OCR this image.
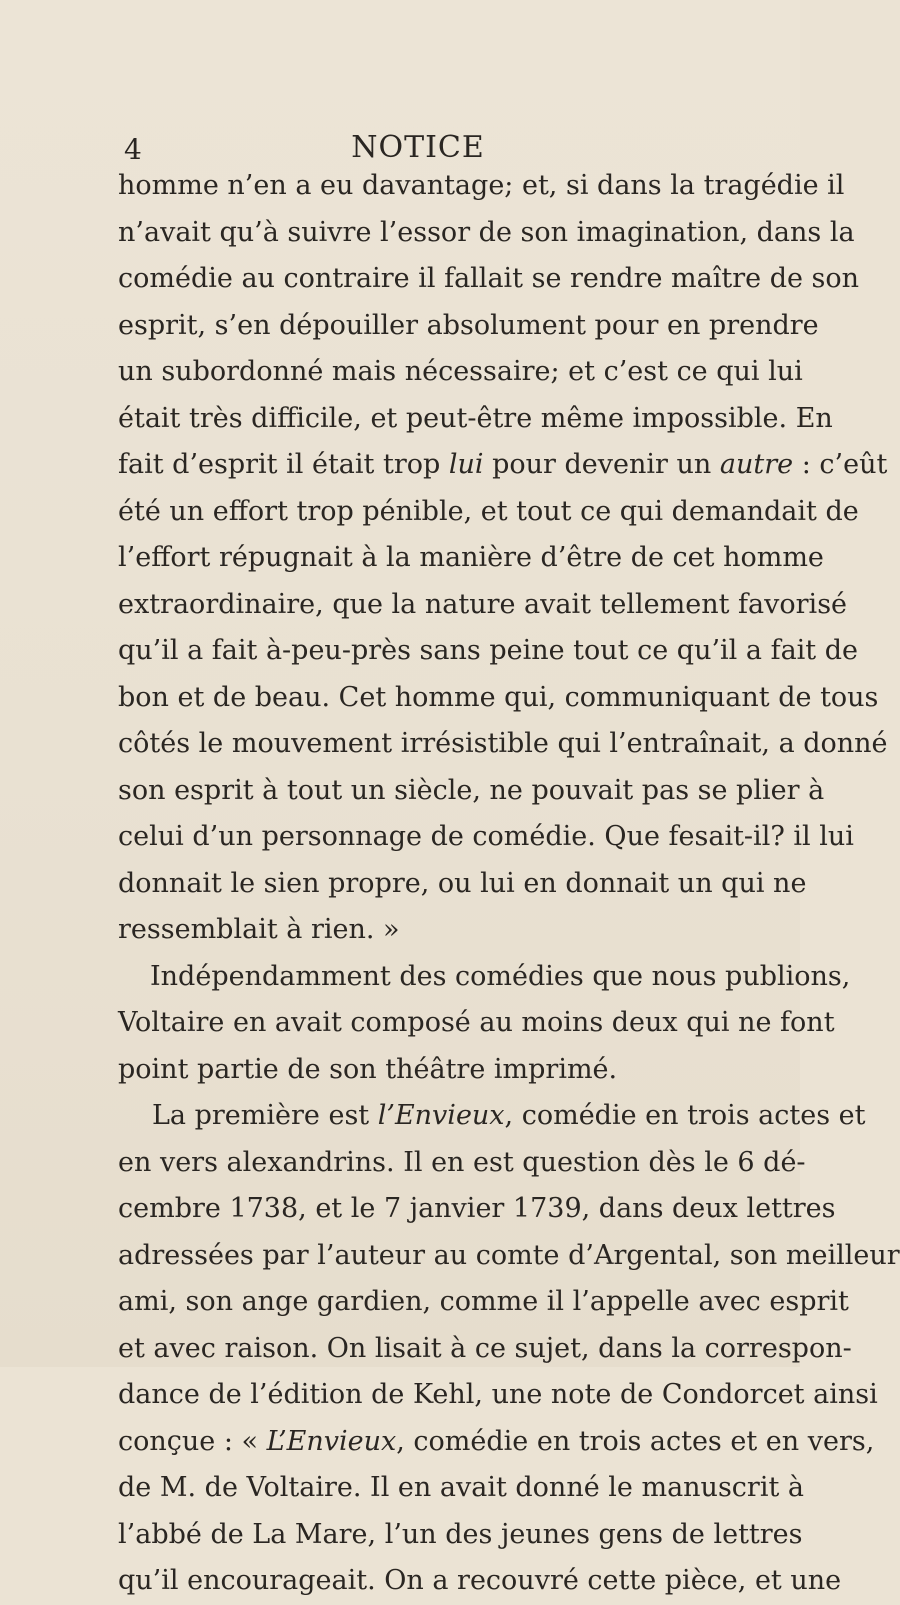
4	NOTICE
homme n’en a eu davantage; et, si dans la tragédie il
n’avait qu’à suivre l’essor de son imagination, dans la
comédie au contraire il fallait se rendre maître de son
esprit, s’en dépouiller absolument pour en prendre
un subordonné mais nécessaire; et c’est ce qui lui
était très difficile, et peut-être même impossible. En
fait d’esprit il était trop lui pour devenir un autre : c’eût
été un effort trop pénible, et tout ce qui demandait de
l’effort répugnait à la manière d’être de cet homme
extraordinaire, que la nature avait tellement favorisé
qu’il a fait à-peu-près sans peine tout ce qu’il a fait de
bon et de beau. Cet homme qui, communiquant de tous
côtés le mouvement irrésistible qui l’entraînait, a donné
son esprit à tout un siècle, ne pouvait pas se plier à
celui d’un personnage de comédie. Que fesait-il? il lui
donnait le sien propre, ou lui en donnait un qui ne
ressemblait à rien. »
Indépendamment des comédies que nous publions,
Voltaire en avait composé au moins deux qui ne font
point partie de son théâtre imprimé.
La première est l’Envieux, comédie en trois actes et
en vers alexandrins. Il en est question dès le 6 dé-
cembre 1738, et le 7 janvier 1739, dans deux lettres
adressées par l’auteur au comte d’Argental, son meilleur
ami, son ange gardien, comme il l’appelle avec esprit
et avec raison. On lisait à ce sujet, dans la correspon-
dance de l’édition de Kehl, une note de Condorcet ainsi
conçue : « L’Envieux, comédie en trois actes et en vers,
de M. de Voltaire. Il en avait donné le manuscrit à
l’abbé de La Mare, l’un des jeunes gens de lettres
qu’il encourageait. On a recouvré cette pièce, et une
